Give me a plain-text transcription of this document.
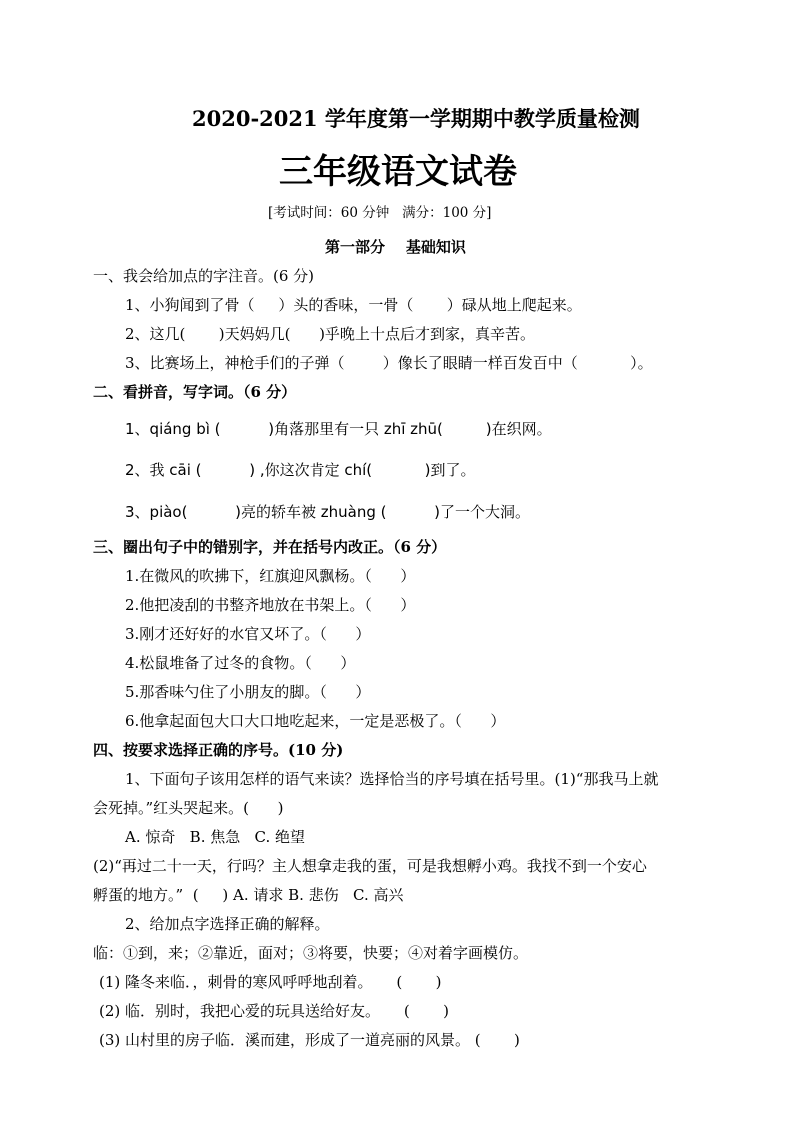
2020-2021 学年度第一学期期中教学质量检测
三年级语文试卷
[考试时间：60 分钟   满分：100 分]
第一部分    基础知识
一、我会给加点的字注音。(6 分)
1、小狗闻到了骨（     ）头的香味，一骨（       ）碌从地上爬起来。
2、这几(       )天妈妈几(      )乎晚上十点后才到家，真辛苦。
3、比赛场上，神枪手们的子弹（        ）像长了眼睛一样百发百中（           ）。
二、看拼音，写字词。（6 分）
1、qiáng bì (          )角落那里有一只 zhī zhū(         )在织网。
2、我 cāi (          ) ,你这次肯定 chí(           )到了。
3、piào(          )亮的轿车被 zhuàng (          )了一个大洞。
三、圈出句子中的错别字，并在括号内改正。（6 分）
1.在微风的吹拂下，红旗迎风飘杨。（      ）
2.他把凌刮的书整齐地放在书架上。（      ）
3.刚才还好好的水官又坏了。（      ）
4.松鼠堆备了过冬的食物。（      ）
5.那香味勺住了小朋友的脚。（      ）
6.他拿起面包大口大口地吃起来，一定是恶极了。（      ）
四、按要求选择正确的序号。(10 分)
1、下面句子该用怎样的语气来读？选择恰当的序号填在括号里。(1)“那我马上就
会死掉。”红头哭起来。(      )
A. 惊奇   B. 焦急   C. 绝望
(2)“再过二十一天，行吗？主人想拿走我的蛋，可是我想孵小鸡。我找不到一个安心
孵蛋的地方。”  (     ) A. 请求 B. 悲伤   C. 高兴
2、给加点字选择正确的解释。
临：①到，来；②靠近，面对；③将要，快要；④对着字画模仿。
(1) 隆冬来临．，刺骨的寒风呼呼地刮着。     (       )
(2) 临．别时，我把心爱的玩具送给好友。     (       )
(3) 山村里的房子临．溪而建，形成了一道亮丽的风景。 (       )
